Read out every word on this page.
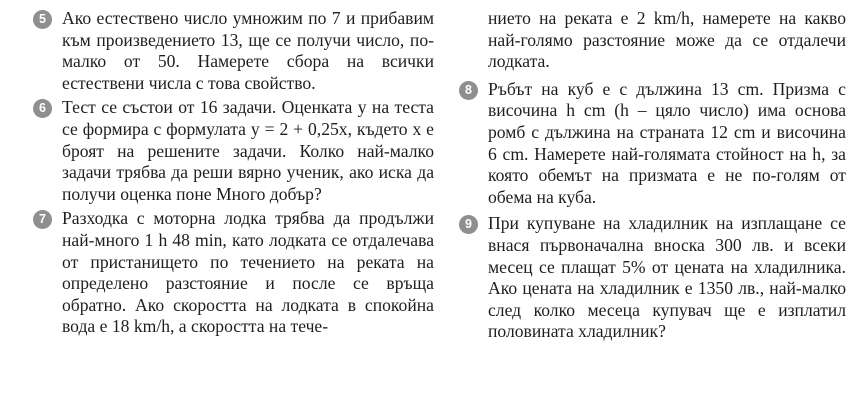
5 Ако естествено число умножим по 7 и прибавим към произведението 13, ще се получи число, по-малко от 50. Намерете сбора на всички естествени числа с това свойство.

6 Тест се състои от 16 задачи. Оценката y на теста се формира с формулата y = 2 + 0,25x, където x е броят на решените задачи. Колко най-малко задачи трябва да реши вярно ученик, ако иска да получи оценка поне Много добър?

7 Разходка с моторна лодка трябва да продължи най-много 1 h 48 min, като лодката се отдалечава от пристанището по течението на реката на определено разстояние и после се връща обратно. Ако скоростта на лодката в спокойна вода е 18 km/h, а скоростта на тече-

нието на реката е 2 km/h, намерете на какво най-голямо разстояние може да се отдалечи лодката.

8 Ръбът на куб е с дължина 13 cm. Призма с височина h cm (h – цяло число) има основа ромб с дължина на страната 12 cm и височина 6 cm. Намерете най-голямата стойност на h, за която обемът на призмата е не по-голям от обема на куба.

9 При купуване на хладилник на изплащане се внася първоначална вноска 300 лв. и всеки месец се плащат 5% от цената на хладилника. Ако цената на хладилник е 1350 лв., най-малко след колко месеца купувач ще е изплатил половината хладилник?
